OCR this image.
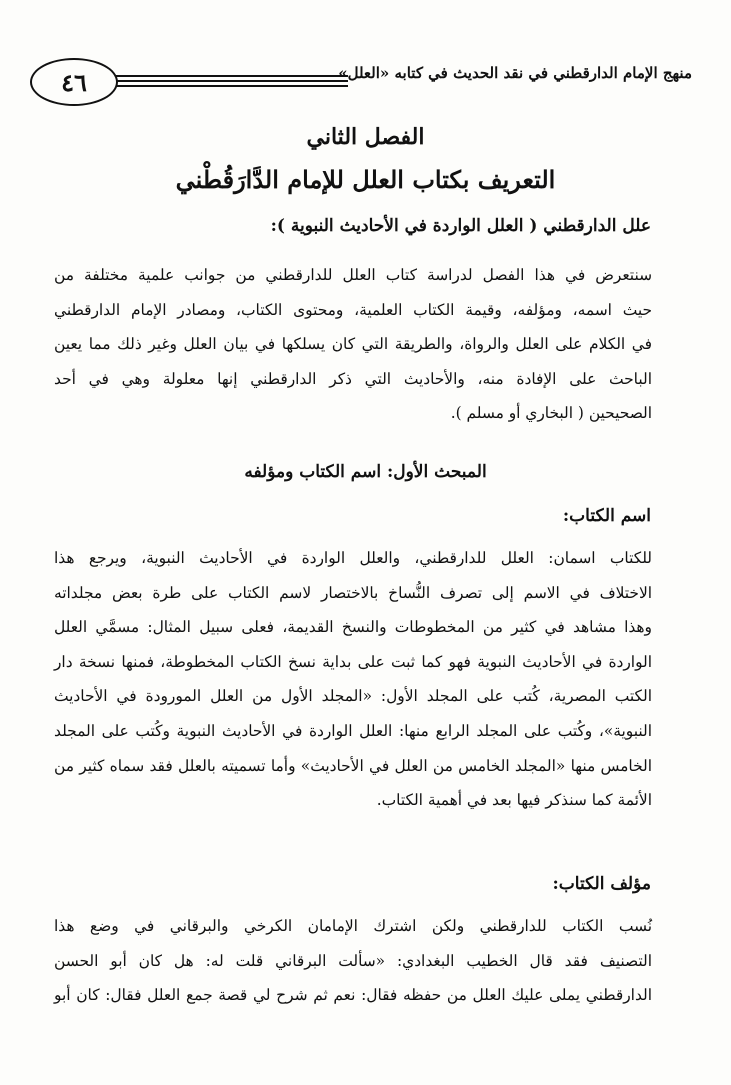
٤٦	منهج الإمام الدارقطني في نقد الحديث في كتابه «العلل»
الفصل الثاني
التعريف بكتاب العلل للإمام الدَّارَقُطْني
علل الدارقطني ( العلل الواردة في الأحاديث النبوية ):
سنتعرض في هذا الفصل لدراسة كتاب العلل للدارقطني من جوانب علمية مختلفة من
حيث اسمه، ومؤلفه، وقيمة الكتاب العلمية، ومحتوى الكتاب، ومصادر الإمام الدارقطني
في الكلام على العلل والرواة، والطريقة التي كان يسلكها في بيان العلل وغير ذلك مما يعين
الباحث على الإفادة منه، والأحاديث التي ذكر الدارقطني إنها معلولة وهي في أحد
الصحيحين ( البخاري أو مسلم ).
المبحث الأول: اسم الكتاب ومؤلفه
اسم الكتاب:
للكتاب اسمان: العلل للدارقطني، والعلل الواردة في الأحاديث النبوية، ويرجع هذا
الاختلاف في الاسم إلى تصرف النُّساخ بالاختصار لاسم الكتاب على طرة بعض مجلداته
وهذا مشاهد في كثير من المخطوطات والنسخ القديمة، فعلى سبيل المثال: مسمَّي العلل
الواردة في الأحاديث النبوية فهو كما ثبت على بداية نسخ الكتاب المخطوطة، فمنها نسخة دار
الكتب المصرية، كُتب على المجلد الأول: «المجلد الأول من العلل المورودة في الأحاديث
النبوية»، وكُتب على المجلد الرابع منها: العلل الواردة في الأحاديث النبوية وكُتب على المجلد
الخامس منها «المجلد الخامس من العلل في الأحاديث» وأما تسميته بالعلل فقد سماه كثير من
الأئمة كما سنذكر فيها بعد في أهمية الكتاب.
مؤلف الكتاب:
نُسب الكتاب للدارقطني ولكن اشترك الإمامان الكرخي والبرقاني في وضع هذا
التصنيف فقد قال الخطيب البغدادي: «سألت البرقاني قلت له: هل كان أبو الحسن
الدارقطني يملى عليك العلل من حفظه فقال: نعم ثم شرح لي قصة جمع العلل فقال: كان أبو
